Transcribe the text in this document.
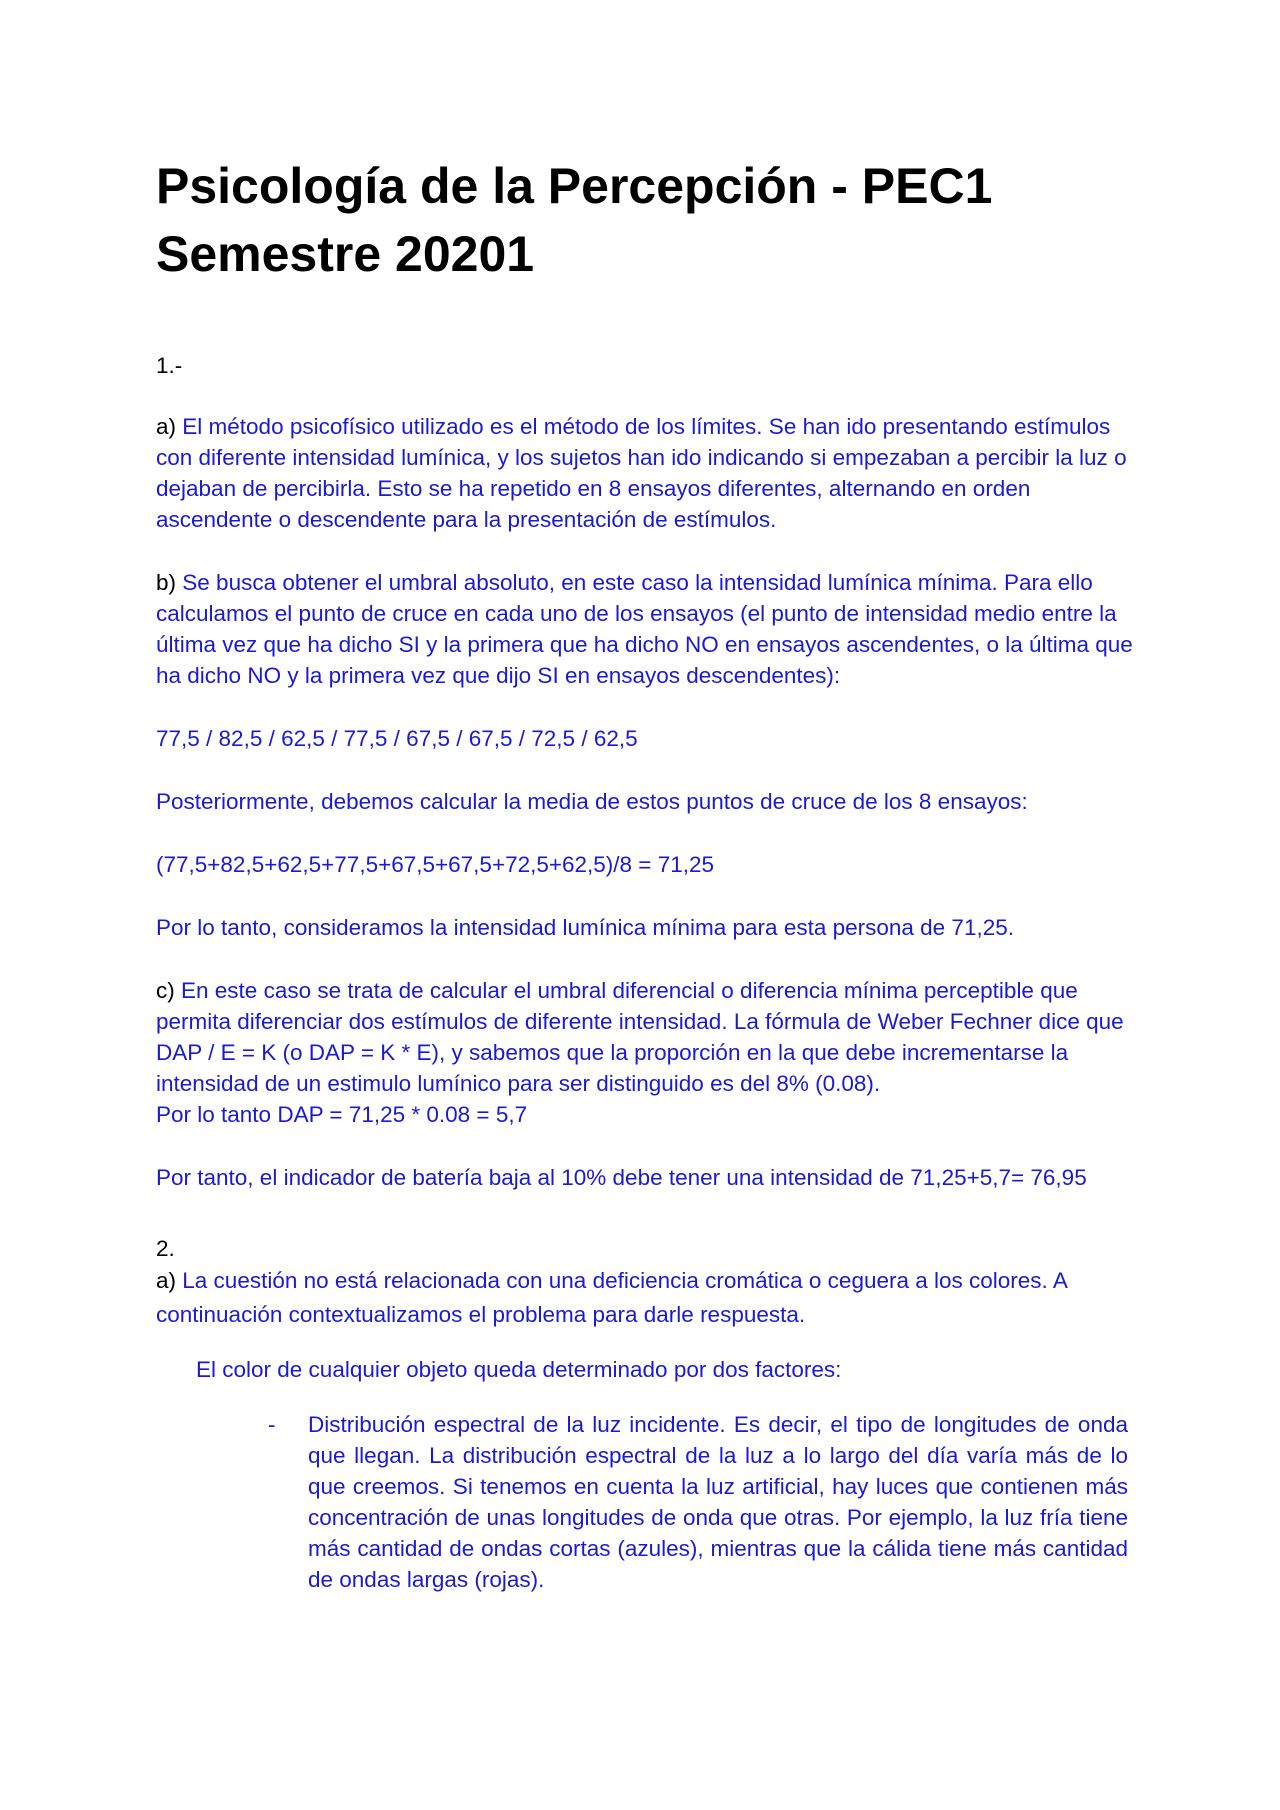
Psicología de la Percepción - PEC1
Semestre 20201

1.-

a) El método psicofísico utilizado es el método de los límites. Se han ido presentando estímulos con diferente intensidad lumínica, y los sujetos han ido indicando si empezaban a percibir la luz o dejaban de percibirla. Esto se ha repetido en 8 ensayos diferentes, alternando en orden ascendente o descendente para la presentación de estímulos.

b) Se busca obtener el umbral absoluto, en este caso la intensidad lumínica mínima. Para ello calculamos el punto de cruce en cada uno de los ensayos (el punto de intensidad medio entre la última vez que ha dicho SI y la primera que ha dicho NO en ensayos ascendentes, o la última que ha dicho NO y la primera vez que dijo SI en ensayos descendentes):

77,5 / 82,5 / 62,5 / 77,5 / 67,5 / 67,5 / 72,5 / 62,5

Posteriormente, debemos calcular la media de estos puntos de cruce de los 8 ensayos:

(77,5+82,5+62,5+77,5+67,5+67,5+72,5+62,5)/8 = 71,25

Por lo tanto, consideramos la intensidad lumínica mínima para esta persona de 71,25.

c) En este caso se trata de calcular el umbral diferencial o diferencia mínima perceptible que permita diferenciar dos estímulos de diferente intensidad. La fórmula de Weber Fechner dice que DAP / E = K (o DAP = K * E), y sabemos que la proporción en la que debe incrementarse la intensidad de un estimulo lumínico para ser distinguido es del 8% (0.08).
Por lo tanto DAP = 71,25 * 0.08 = 5,7

Por tanto, el indicador de batería baja al 10% debe tener una intensidad de 71,25+5,7= 76,95

2.

a) La cuestión no está relacionada con una deficiencia cromática o ceguera a los colores. A continuación contextualizamos el problema para darle respuesta.

El color de cualquier objeto queda determinado por dos factores:

-	Distribución espectral de la luz incidente. Es decir, el tipo de longitudes de onda que llegan. La distribución espectral de la luz a lo largo del día varía más de lo que creemos. Si tenemos en cuenta la luz artificial, hay luces que contienen más concentración de unas longitudes de onda que otras. Por ejemplo, la luz fría tiene más cantidad de ondas cortas (azules), mientras que la cálida tiene más cantidad de ondas largas (rojas).
